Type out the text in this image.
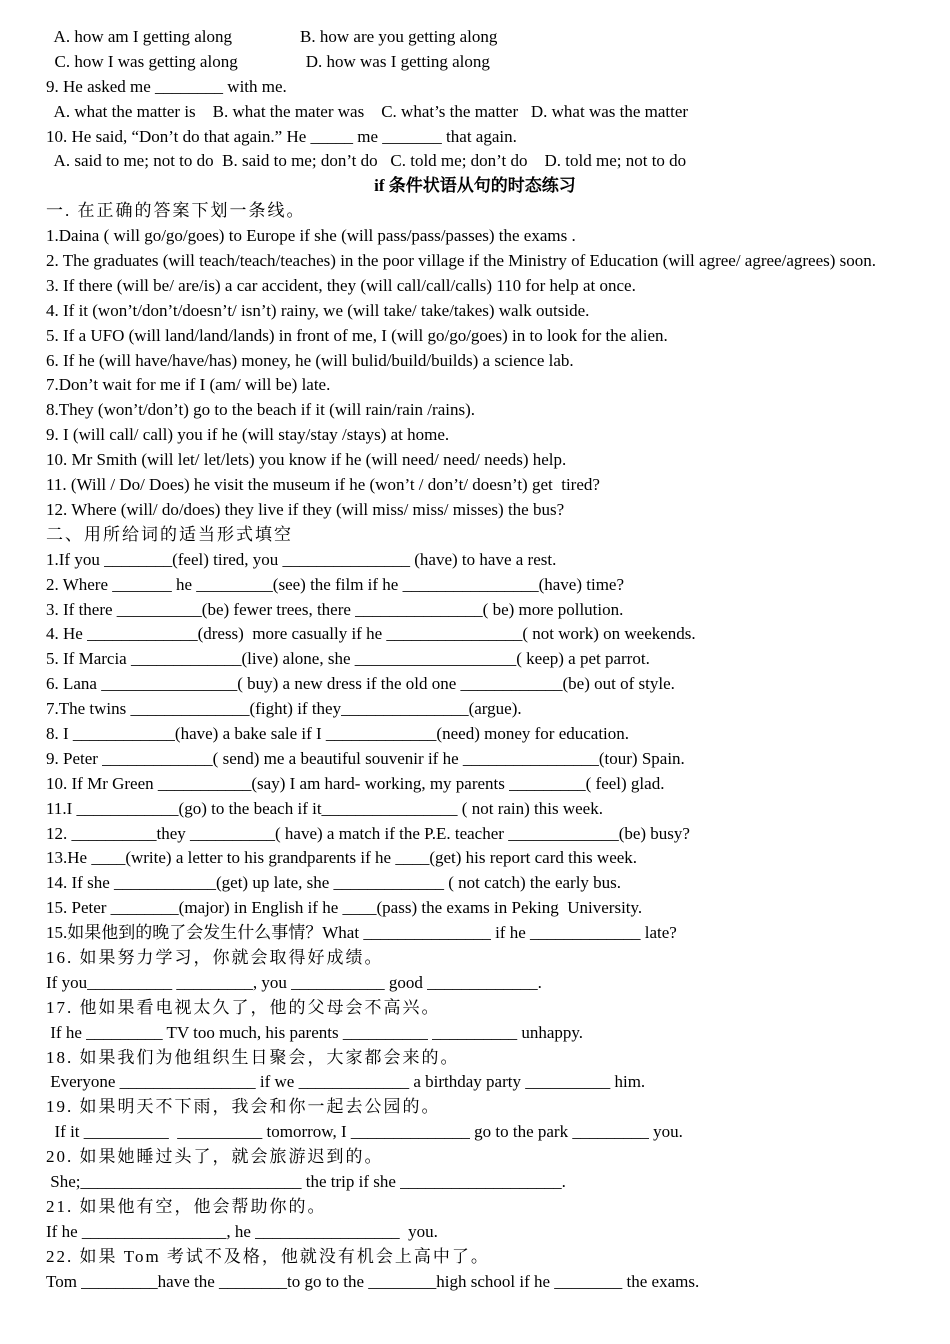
A. how am I getting along                B. how are you getting along
C. how I was getting along                D. how was I getting along
9. He asked me ________ with me.
A. what the matter is    B. what the mater was    C. what’s the matter   D. what was the matter
10. He said, “Don’t do that again.” He _____ me _______ that again.
A. said to me; not to do  B. said to me; don’t do   C. told me; don’t do    D. told me; not to do
if 条件状语从句的时态练习
一. 在正确的答案下划一条线。
1.Daina ( will go/go/goes) to Europe if she (will pass/pass/passes) the exams .
2. The graduates (will teach/teach/teaches) in the poor village if the Ministry of Education (will agree/ agree/agrees) soon.
3. If there (will be/ are/is) a car accident, they (will call/call/calls) 110 for help at once.
4. If it (won’t/don’t/doesn’t/ isn’t) rainy, we (will take/ take/takes) walk outside.
5. If a UFO (will land/land/lands) in front of me, I (will go/go/goes) in to look for the alien.
6. If he (will have/have/has) money, he (will bulid/build/builds) a science lab.
7.Don’t wait for me if I (am/ will be) late.
8.They (won’t/don’t) go to the beach if it (will rain/rain /rains).
9. I (will call/ call) you if he (will stay/stay /stays) at home.
10. Mr Smith (will let/ let/lets) you know if he (will need/ need/ needs) help.
11. (Will / Do/ Does) he visit the museum if he (won’t / don’t/ doesn’t) get  tired?
12. Where (will/ do/does) they live if they (will miss/ miss/ misses) the bus?
二、用所给词的适当形式填空
1.If you ________(feel) tired, you _______________ (have) to have a rest.
2. Where _______ he _________(see) the film if he ________________(have) time?
3. If there __________(be) fewer trees, there _______________( be) more pollution.
4. He _____________(dress)  more casually if he ________________( not work) on weekends.
5. If Marcia _____________(live) alone, she ___________________( keep) a pet parrot.
6. Lana ________________( buy) a new dress if the old one ____________(be) out of style.
7.The twins ______________(fight) if they_______________(argue).
8. I ____________(have) a bake sale if I _____________(need) money for education.
9. Peter _____________( send) me a beautiful souvenir if he ________________(tour) Spain.
10. If Mr Green ___________(say) I am hard- working, my parents _________( feel) glad.
11.I ____________(go) to the beach if it________________ ( not rain) this week.
12. __________they __________( have) a match if the P.E. teacher _____________(be) busy?
13.He ____(write) a letter to his grandparents if he ____(get) his report card this week.
14. If she ____________(get) up late, she _____________ ( not catch) the early bus.
15. Peter ________(major) in English if he ____(pass) the exams in Peking  University.
15.如果他到的晚了会发生什么事情？What _______________ if he _____________ late?
16. 如果努力学习，你就会取得好成绩。
If you__________ _________, you ___________ good _____________.
17. 他如果看电视太久了，他的父母会不高兴。
If he _________ TV too much, his parents __________ __________ unhappy.
18. 如果我们为他组织生日聚会，大家都会来的。
Everyone ________________ if we _____________ a birthday party __________ him.
19. 如果明天不下雨，我会和你一起去公园的。
If it __________  __________ tomorrow, I ______________ go to the park _________ you.
20. 如果她睡过头了，就会旅游迟到的。
She;__________________________ the trip if she ___________________.
21. 如果他有空，他会帮助你的。
If he _________________, he _________________  you.
22. 如果 Tom 考试不及格，他就没有机会上高中了。
Tom _________have the ________to go to the ________high school if he ________ the exams.
